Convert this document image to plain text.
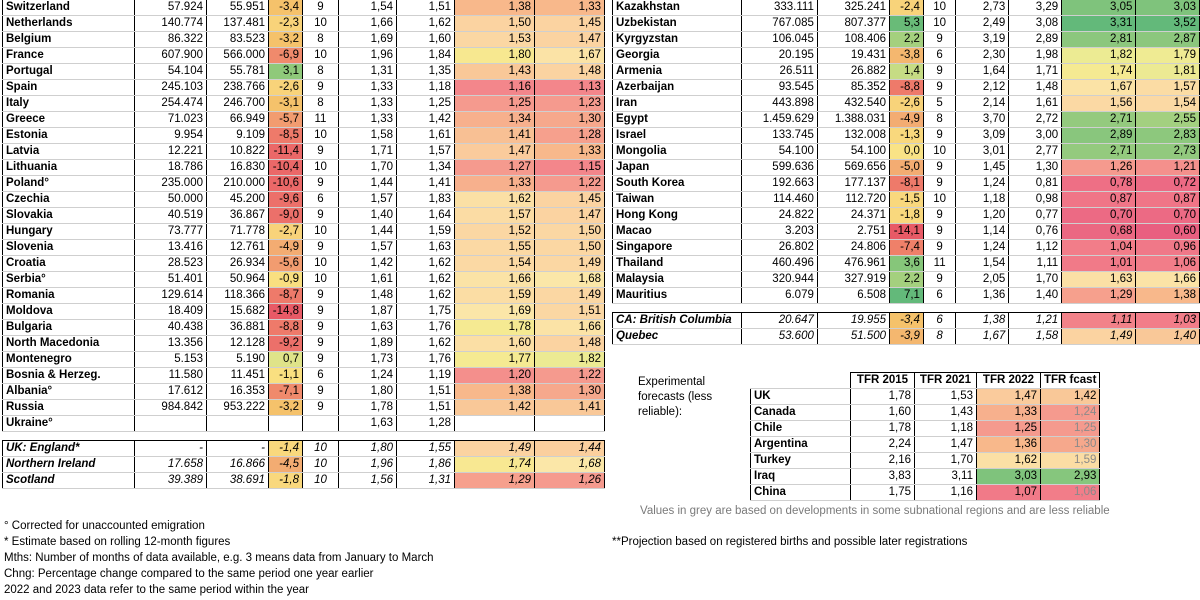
Switzerland	57.924	55.951	-3,4	9	1,54	1,51	1,38	1,33
Netherlands	140.774	137.481	-2,3	10	1,66	1,62	1,50	1,45
Belgium	86.322	83.523	-3,2	8	1,69	1,60	1,53	1,47
France	607.900	566.000	-6,9	10	1,96	1,84	1,80	1,67
Portugal	54.104	55.781	3,1	8	1,31	1,35	1,43	1,48
Spain	245.103	238.766	-2,6	9	1,33	1,18	1,16	1,13
Italy	254.474	246.700	-3,1	8	1,33	1,25	1,25	1,23
Greece	71.023	66.949	-5,7	11	1,33	1,42	1,34	1,30
Estonia	9.954	9.109	-8,5	10	1,58	1,61	1,41	1,28
Latvia	12.221	10.822	-11,4	9	1,71	1,57	1,47	1,33
Lithuania	18.786	16.830	-10,4	10	1,70	1,34	1,27	1,15
Poland°	235.000	210.000	-10,6	9	1,44	1,41	1,33	1,22
Czechia	50.000	45.200	-9,6	6	1,57	1,83	1,62	1,45
Slovakia	40.519	36.867	-9,0	9	1,40	1,64	1,57	1,47
Hungary	73.777	71.778	-2,7	10	1,44	1,59	1,52	1,50
Slovenia	13.416	12.761	-4,9	9	1,57	1,63	1,55	1,50
Croatia	28.523	26.934	-5,6	10	1,42	1,62	1,54	1,49
Serbia°	51.401	50.964	-0,9	10	1,61	1,62	1,66	1,68
Romania	129.614	118.366	-8,7	9	1,48	1,62	1,59	1,49
Moldova	18.409	15.682	-14,8	9	1,87	1,75	1,69	1,51
Bulgaria	40.438	36.881	-8,8	9	1,63	1,76	1,78	1,66
North Macedonia	13.356	12.128	-9,2	9	1,89	1,62	1,60	1,48
Montenegro	5.153	5.190	0,7	9	1,73	1,76	1,77	1,82
Bosnia & Herzeg.	11.580	11.451	-1,1	6	1,24	1,19	1,20	1,22
Albania°	17.612	16.353	-7,1	9	1,80	1,51	1,38	1,30
Russia	984.842	953.222	-3,2	9	1,78	1,51	1,42	1,41
Ukraine°					1,63	1,28		

UK: England*	-	-	-1,4	10	1,80	1,55	1,49	1,44
Northern Ireland	17.658	16.866	-4,5	10	1,96	1,86	1,74	1,68
Scotland	39.389	38.691	-1,8	10	1,56	1,31	1,29	1,26
Kazakhstan	333.111	325.241	-2,4	10	2,73	3,29	3,05	3,03
Uzbekistan	767.085	807.377	5,3	10	2,49	3,08	3,31	3,52
Kyrgyzstan	106.045	108.406	2,2	9	3,19	2,89	2,81	2,87
Georgia	20.195	19.431	-3,8	6	2,30	1,98	1,82	1,79
Armenia	26.511	26.882	1,4	9	1,64	1,71	1,74	1,81
Azerbaijan	93.545	85.352	-8,8	9	2,12	1,48	1,67	1,57
Iran	443.898	432.540	-2,6	5	2,14	1,61	1,56	1,54
Egypt	1.459.629	1.388.031	-4,9	8	3,70	2,72	2,71	2,55
Israel	133.745	132.008	-1,3	9	3,09	3,00	2,89	2,83
Mongolia	54.100	54.100	0,0	10	3,01	2,77	2,71	2,73
Japan	599.636	569.656	-5,0	9	1,45	1,30	1,26	1,21
South Korea	192.663	177.137	-8,1	9	1,24	0,81	0,78	0,72
Taiwan	114.460	112.720	-1,5	10	1,18	0,98	0,87	0,87
Hong Kong	24.822	24.371	-1,8	9	1,20	0,77	0,70	0,70
Macao	3.203	2.751	-14,1	9	1,14	0,76	0,68	0,60
Singapore	26.802	24.806	-7,4	9	1,24	1,12	1,04	0,96
Thailand	460.496	476.961	3,6	11	1,54	1,11	1,01	1,06
Malaysia	320.944	327.919	2,2	9	2,05	1,70	1,63	1,66
Mauritius	6.079	6.508	7,1	6	1,36	1,40	1,29	1,38

CA: British Columbia	20.647	19.955	-3,4	6	1,38	1,21	1,11	1,03
Quebec	53.600	51.500	-3,9	8	1,67	1,58	1,49	1,40
Experimental forecasts (less reliable):
	TFR 2015	TFR 2021	TFR 2022	TFR fcast
UK	1,78	1,53	1,47	1,42
Canada	1,60	1,43	1,33	1,24
Chile	1,78	1,18	1,25	1,25
Argentina	2,24	1,47	1,36	1,30
Turkey	2,16	1,70	1,62	1,59
Iraq	3,83	3,11	3,03	2,93
China	1,75	1,16	1,07	1,06
Values in grey are based on developments in some subnational regions and are less reliable
**Projection based on registered births and possible later registrations
° Corrected for unaccounted emigration
* Estimate based on rolling 12-month figures
Mths: Number of months of data available, e.g. 3 means data from January to March
Chng: Percentage change compared to the same period one year earlier
2022 and 2023 data refer to the same period within the year
